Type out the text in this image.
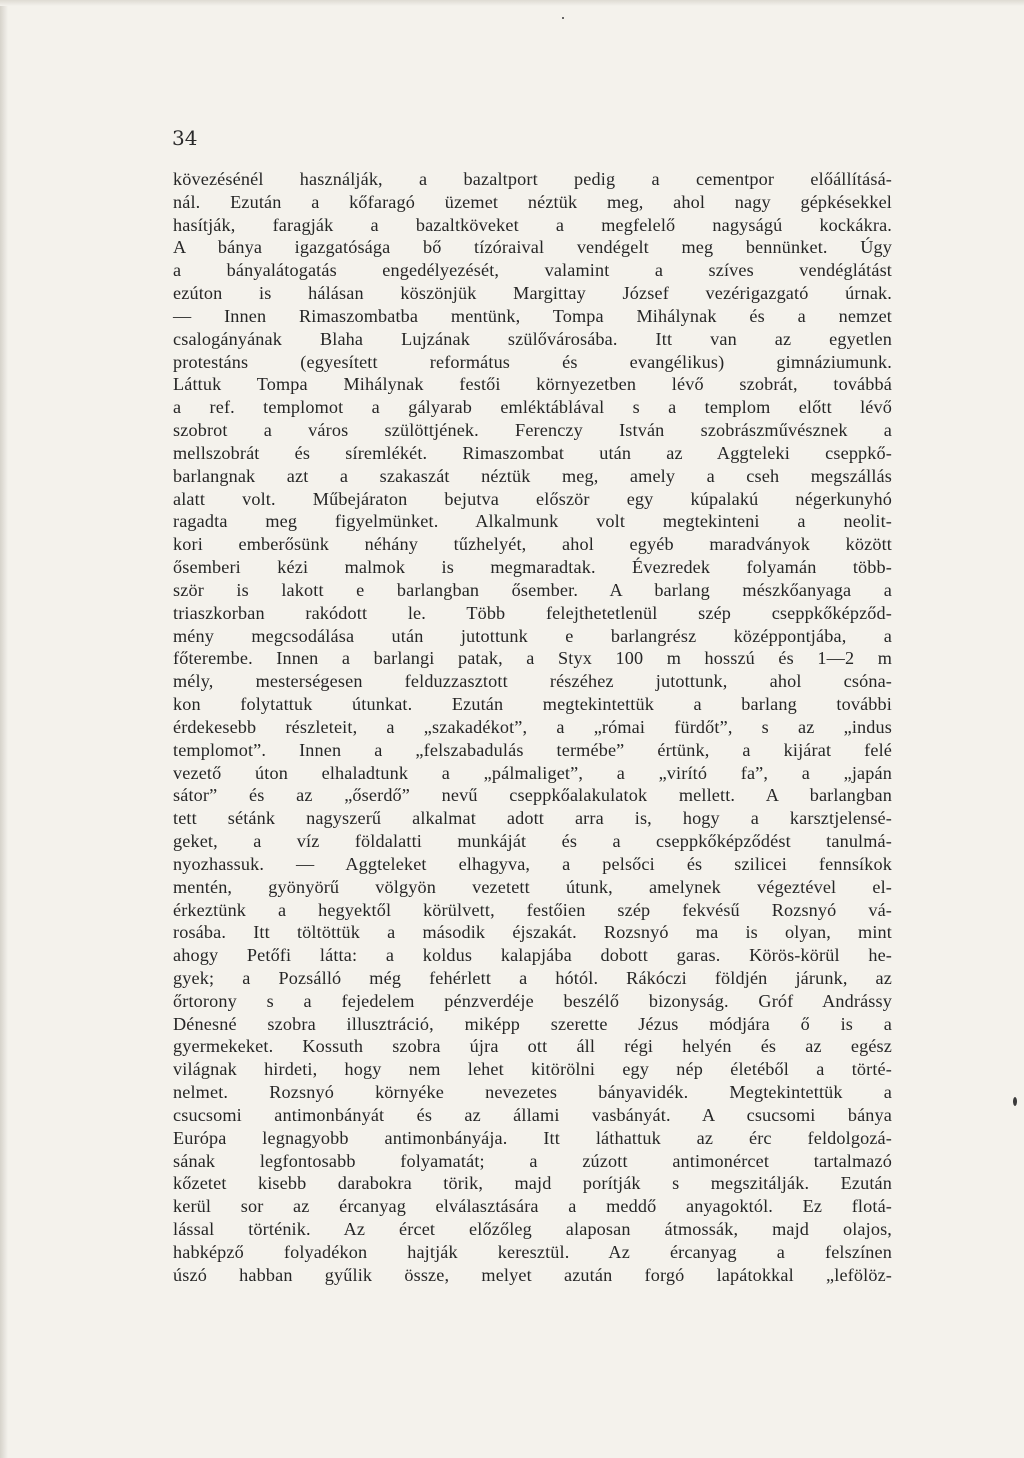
34

kövezésénél használják, a bazaltport pedig a cementpor előállításá-
nál. Ezután a kőfaragó üzemet néztük meg, ahol nagy gépkésekkel
hasítják, faragják a bazaltköveket a megfelelő nagyságú kockákra.
A bánya igazgatósága bő tízóraival vendégelt meg bennünket. Úgy
a bányalátogatás engedélyezését, valamint a szíves vendéglátást
ezúton is hálásan köszönjük Margittay József vezérigazgató úrnak.
— Innen Rimaszombatba mentünk, Tompa Mihálynak és a nemzet
csalogányának Blaha Lujzának szülővárosába. Itt van az egyetlen
protestáns (egyesített református és evangélikus) gimnáziumunk.
Láttuk Tompa Mihálynak festői környezetben lévő szobrát, továbbá
a ref. templomot a gályarab emléktáblával s a templom előtt lévő
szobrot a város szülöttjének. Ferenczy István szobrászművésznek a
mellszobrát és síremlékét. Rimaszombat után az Aggteleki cseppkő-
barlangnak azt a szakaszát néztük meg, amely a cseh megszállás
alatt volt. Műbejáraton bejutva először egy kúpalakú négerkunyhó
ragadta meg figyelmünket. Alkalmunk volt megtekinteni a neolit-
kori emberősünk néhány tűzhelyét, ahol egyéb maradványok között
ősemberi kézi malmok is megmaradtak. Évezredek folyamán több-
ször is lakott e barlangban ősember. A barlang mészkőanyaga a
triaszkorban rakódott le. Több felejthetetlenül szép cseppkőképződ-
mény megcsodálása után jutottunk e barlangrész középpontjába, a
főterembe. Innen a barlangi patak, a Styx 100 m hosszú és 1—2 m
mély, mesterségesen felduzzasztott részéhez jutottunk, ahol csóna-
kon folytattuk útunkat. Ezután megtekintettük a barlang további
érdekesebb részleteit, a „szakadékot”, a „római fürdőt”, s az „indus
templomot”. Innen a „felszabadulás termébe” értünk, a kijárat felé
vezető úton elhaladtunk a „pálmaliget”, a „virító fa”, a „japán
sátor” és az „őserdő” nevű cseppkőalakulatok mellett. A barlangban
tett sétánk nagyszerű alkalmat adott arra is, hogy a karsztjelensé-
geket, a víz földalatti munkáját és a cseppkőképződést tanulmá-
nyozhassuk. — Aggteleket elhagyva, a pelsőci és szilicei fennsíkok
mentén, gyönyörű völgyön vezetett útunk, amelynek végeztével el-
érkeztünk a hegyektől körülvett, festőien szép fekvésű Rozsnyó vá-
rosába. Itt töltöttük a második éjszakát. Rozsnyó ma is olyan, mint
ahogy Petőfi látta: a koldus kalapjába dobott garas. Körös-körül he-
gyek; a Pozsálló még fehérlett a hótól. Rákóczi földjén járunk, az
őrtorony s a fejedelem pénzverdéje beszélő bizonyság. Gróf Andrássy
Dénesné szobra illusztráció, miképp szerette Jézus módjára ő is a
gyermekeket. Kossuth szobra újra ott áll régi helyén és az egész
világnak hirdeti, hogy nem lehet kitörölni egy nép életéből a törté-
nelmet. Rozsnyó környéke nevezetes bányavidék. Megtekintettük a
csucsomi antimonbányát és az állami vasbányát. A csucsomi bánya
Európa legnagyobb antimonbányája. Itt láthattuk az érc feldolgozá-
sának legfontosabb folyamatát; a zúzott antimonércet tartalmazó
kőzetet kisebb darabokra törik, majd porítják s megszitálják. Ezután
kerül sor az ércanyag elválasztására a meddő anyagoktól. Ez flotá-
lással történik. Az ércet előzőleg alaposan átmossák, majd olajos,
habképző folyadékon hajtják keresztül. Az ércanyag a felszínen
úszó habban gyűlik össze, melyet azután forgó lapátokkal „lefölöz-
